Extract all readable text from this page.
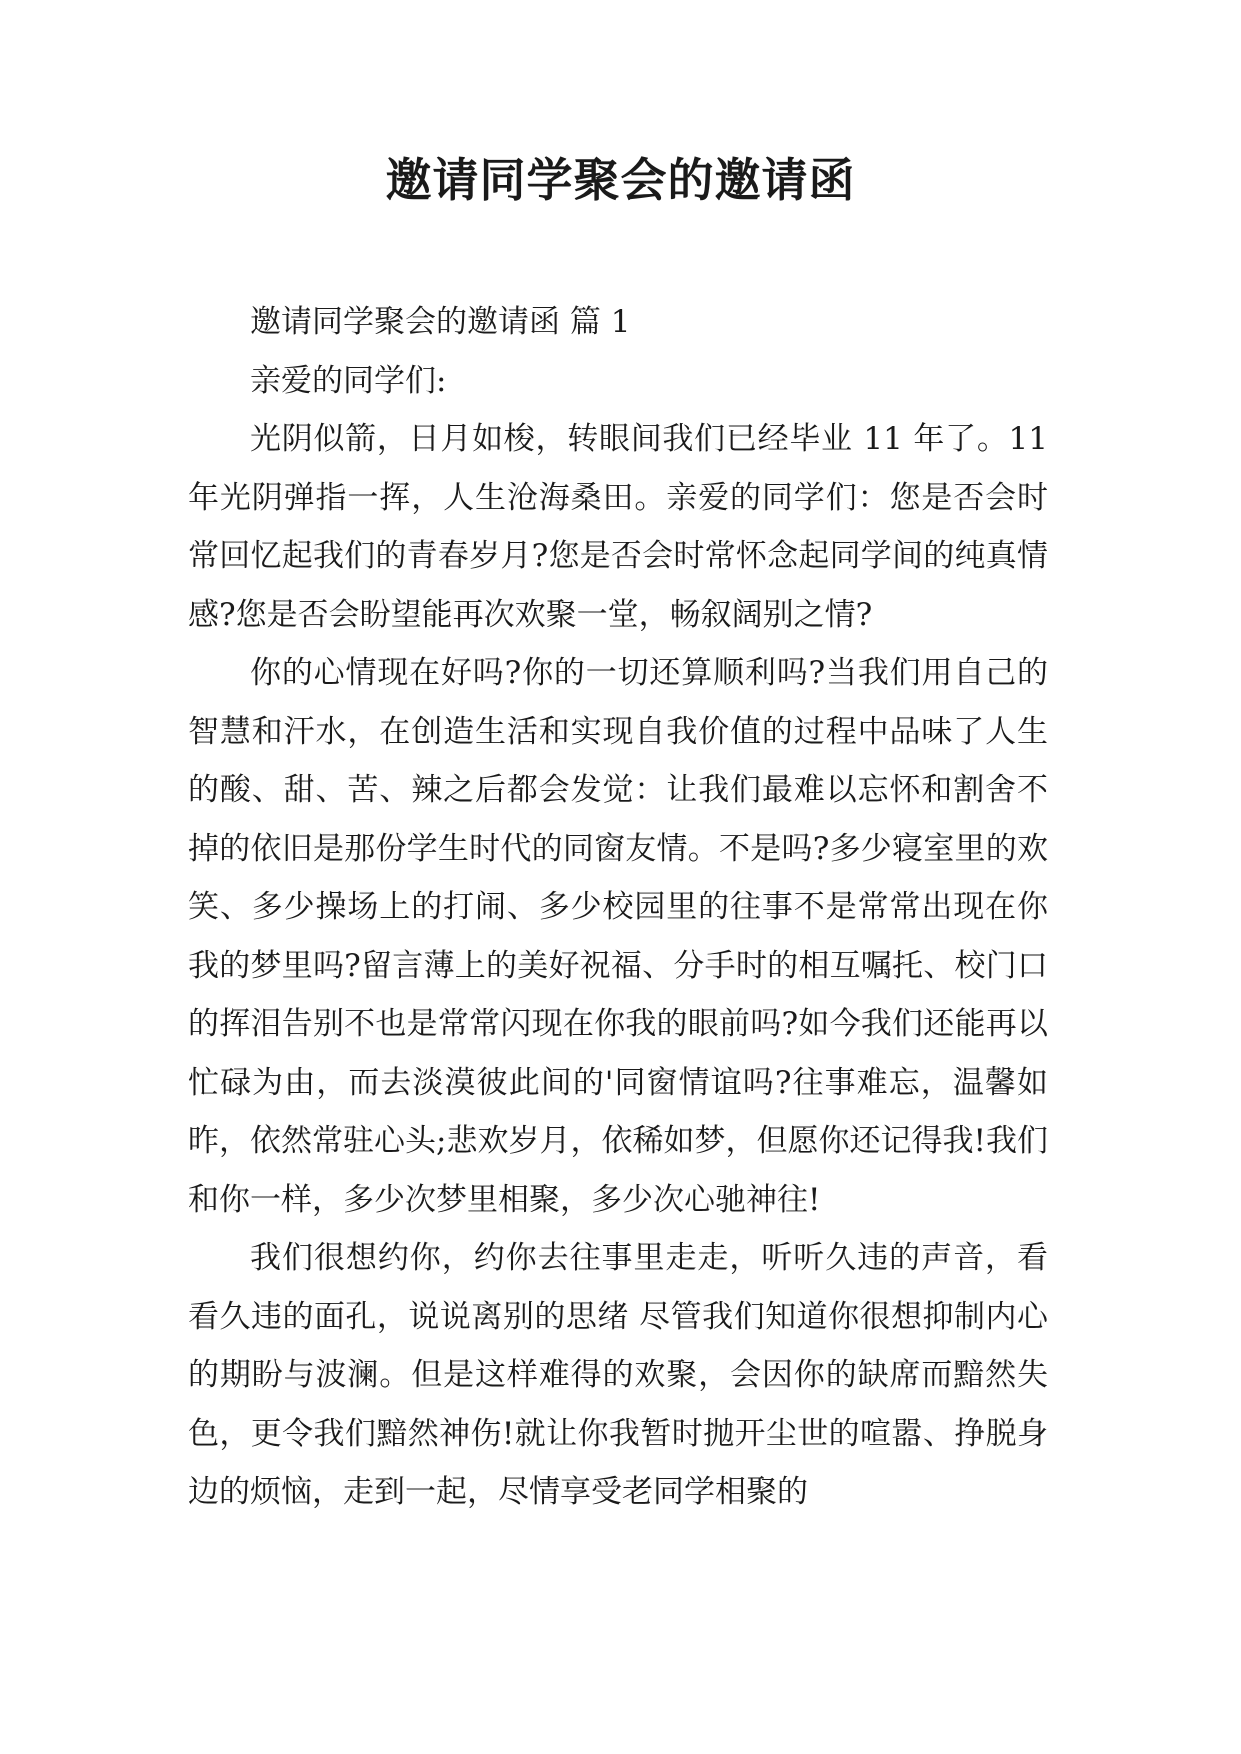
邀请同学聚会的邀请函

邀请同学聚会的邀请函 篇 1

亲爱的同学们:

光阴似箭，日月如梭，转眼间我们已经毕业 11 年了。11 年光阴弹指一挥，人生沧海桑田。亲爱的同学们：您是否会时常回忆起我们的青春岁月?您是否会时常怀念起同学间的纯真情感?您是否会盼望能再次欢聚一堂，畅叙阔别之情?

你的心情现在好吗?你的一切还算顺利吗?当我们用自己的智慧和汗水，在创造生活和实现自我价值的过程中品味了人生的酸、甜、苦、辣之后都会发觉：让我们最难以忘怀和割舍不掉的依旧是那份学生时代的同窗友情。不是吗?多少寝室里的欢笑、多少操场上的打闹、多少校园里的往事不是常常出现在你我的梦里吗?留言薄上的美好祝福、分手时的相互嘱托、校门口的挥泪告别不也是常常闪现在你我的眼前吗?如今我们还能再以忙碌为由，而去淡漠彼此间的'同窗情谊吗?往事难忘，温馨如昨，依然常驻心头;悲欢岁月，依稀如梦，但愿你还记得我!我们和你一样，多少次梦里相聚，多少次心驰神往!

我们很想约你，约你去往事里走走，听听久违的声音，看看久违的面孔，说说离别的思绪 尽管我们知道你很想抑制内心的期盼与波澜。但是这样难得的欢聚，会因你的缺席而黯然失色，更令我们黯然神伤!就让你我暂时抛开尘世的喧嚣、挣脱身边的烦恼，走到一起，尽情享受老同学相聚的
